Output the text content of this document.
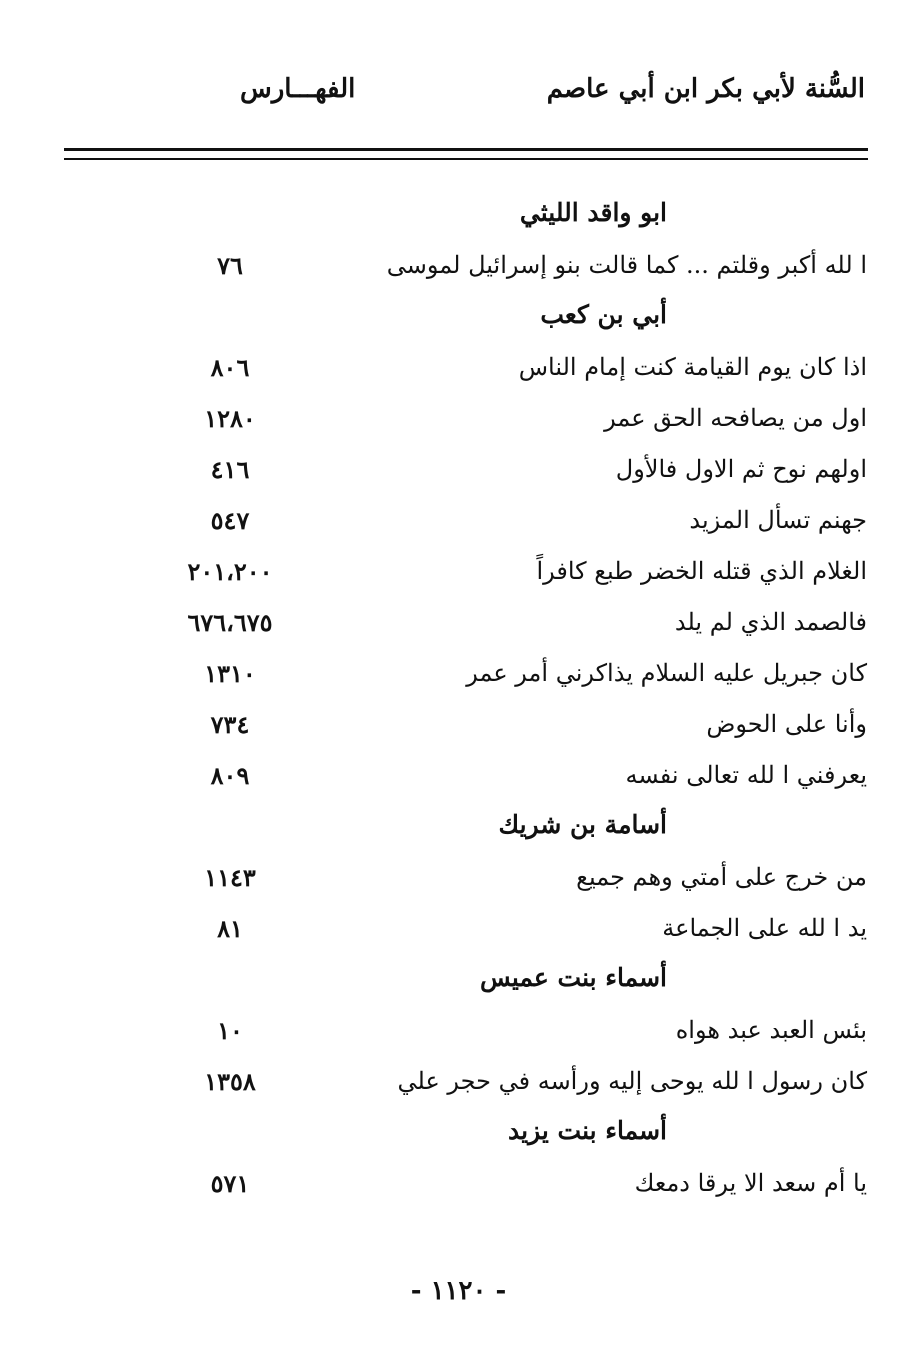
السُّنة لأبي بكر ابن أبي عاصم
الفهـــارس
ابو واقد الليثي
ا لله أكبر وقلتم ... كما قالت بنو إسرائيل لموسى
٧٦
أبي بن كعب
اذا كان يوم القيامة كنت إمام الناس
٨٠٦
اول من يصافحه الحق عمر
١٢٨٠
اولهم نوح ثم الاول فالأول
٤١٦
جهنم تسأل المزيد
٥٤٧
الغلام الذي قتله الخضر طبع كافراً
٢٠١،٢٠٠
فالصمد الذي لم يلد
٦٧٦،٦٧٥
كان جبريل عليه السلام يذاكرني أمر عمر
١٣١٠
وأنا على الحوض
٧٣٤
يعرفني ا لله تعالى نفسه
٨٠٩
أسامة بن شريك
من خرج على أمتي وهم جميع
١١٤٣
يد ا لله على الجماعة
٨١
أسماء بنت عميس
بئس العبد عبد هواه
١٠
كان رسول ا لله يوحى إليه ورأسه في حجر علي
١٣٥٨
أسماء بنت يزيد
يا أم سعد الا يرقا دمعك
٥٧١
- ١١٢٠ -
